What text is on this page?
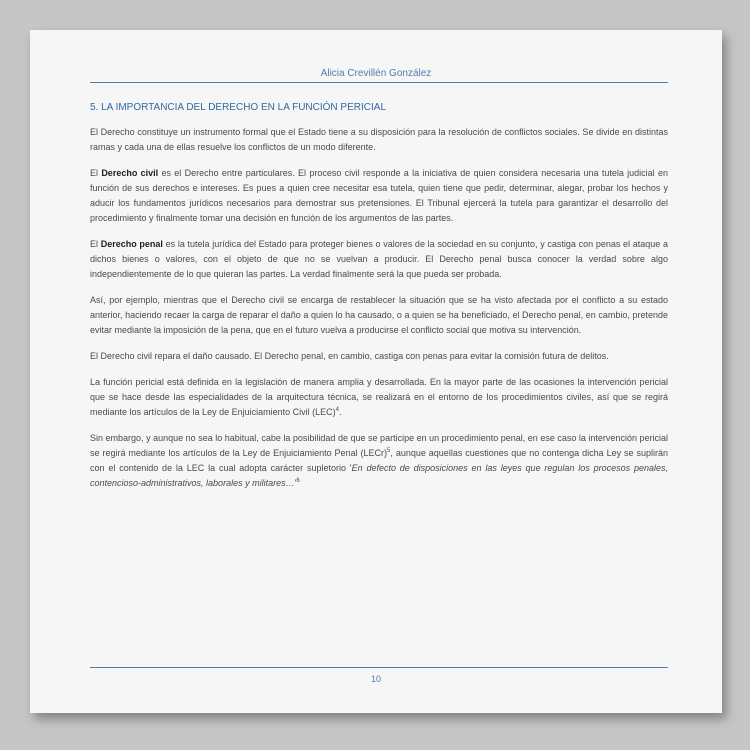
Alicia Crevillén González
5. LA IMPORTANCIA DEL DERECHO EN LA FUNCIÓN PERICIAL

El Derecho constituye un instrumento formal que el Estado tiene a su disposición para la resolución de conflictos sociales. Se divide en distintas ramas y cada una de ellas resuelve los conflictos de un modo diferente.

El Derecho civil es el Derecho entre particulares. El proceso civil responde a la iniciativa de quien considera necesaria una tutela judicial en función de sus derechos e intereses. Es pues a quien cree necesitar esa tutela, quien tiene que pedir, determinar, alegar, probar los hechos y aducir los fundamentos jurídicos necesarios para demostrar sus pretensiones. El Tribunal ejercerá la tutela para garantizar el desarrollo del procedimiento y finalmente tomar una decisión en función de los argumentos de las partes.

El Derecho penal es la tutela jurídica del Estado para proteger bienes o valores de la sociedad en su conjunto, y castiga con penas el ataque a dichos bienes o valores, con el objeto de que no se vuelvan a producir. El Derecho penal busca conocer la verdad sobre algo independientemente de lo que quieran las partes. La verdad finalmente será la que pueda ser probada.

Así, por ejemplo, mientras que el Derecho civil se encarga de restablecer la situación que se ha visto afectada por el conflicto a su estado anterior, haciendo recaer la carga de reparar el daño a quien lo ha causado, o a quien se ha beneficiado, el Derecho penal, en cambio, pretende evitar mediante la imposición de la pena, que en el futuro vuelva a producirse el conflicto social que motiva su intervención.

El Derecho civil repara el daño causado. El Derecho penal, en cambio, castiga con penas para evitar la comisión futura de delitos.

La función pericial está definida en la legislación de manera amplia y desarrollada. En la mayor parte de las ocasiones la intervención pericial que se hace desde las especialidades de la arquitectura técnica, se realizará en el entorno de los procedimientos civiles, así que se regirá mediante los artículos de la Ley de Enjuiciamiento Civil (LEC)$^4$.

Sin embargo, y aunque no sea lo habitual, cabe la posibilidad de que se participe en un procedimiento penal, en ese caso la intervención pericial se regirá mediante los artículos de la Ley de Enjuiciamiento Penal (LECr)$^5$, aunque aquellas cuestiones que no contenga dicha Ley se suplirán con el contenido de la LEC la cual adopta carácter supletorio 'En defecto de disposiciones en las leyes que regulan los procesos penales, contencioso-administrativos, laborales y $militares\dots'^6$

10
